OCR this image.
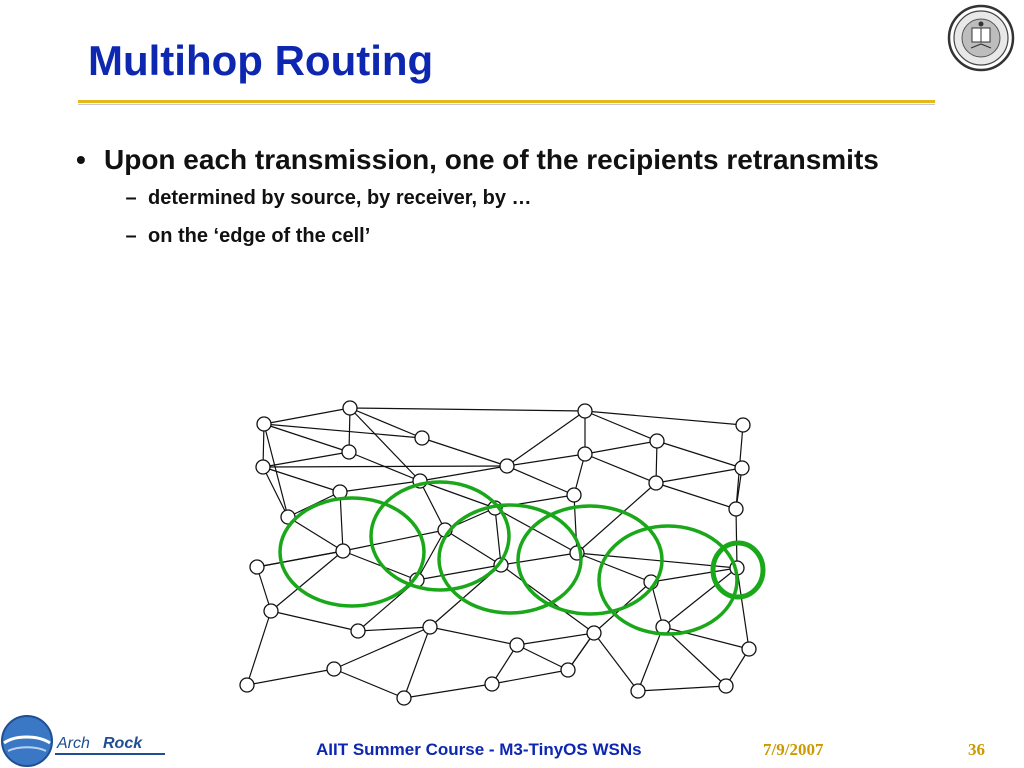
Multihop Routing
• Upon each transmission, one of the recipients retransmits
– determined by source, by receiver, by …
– on the ‘edge of the cell’
Arch Rock	AIIT Summer Course - M3-TinyOS WSNs	7/9/2007	36
